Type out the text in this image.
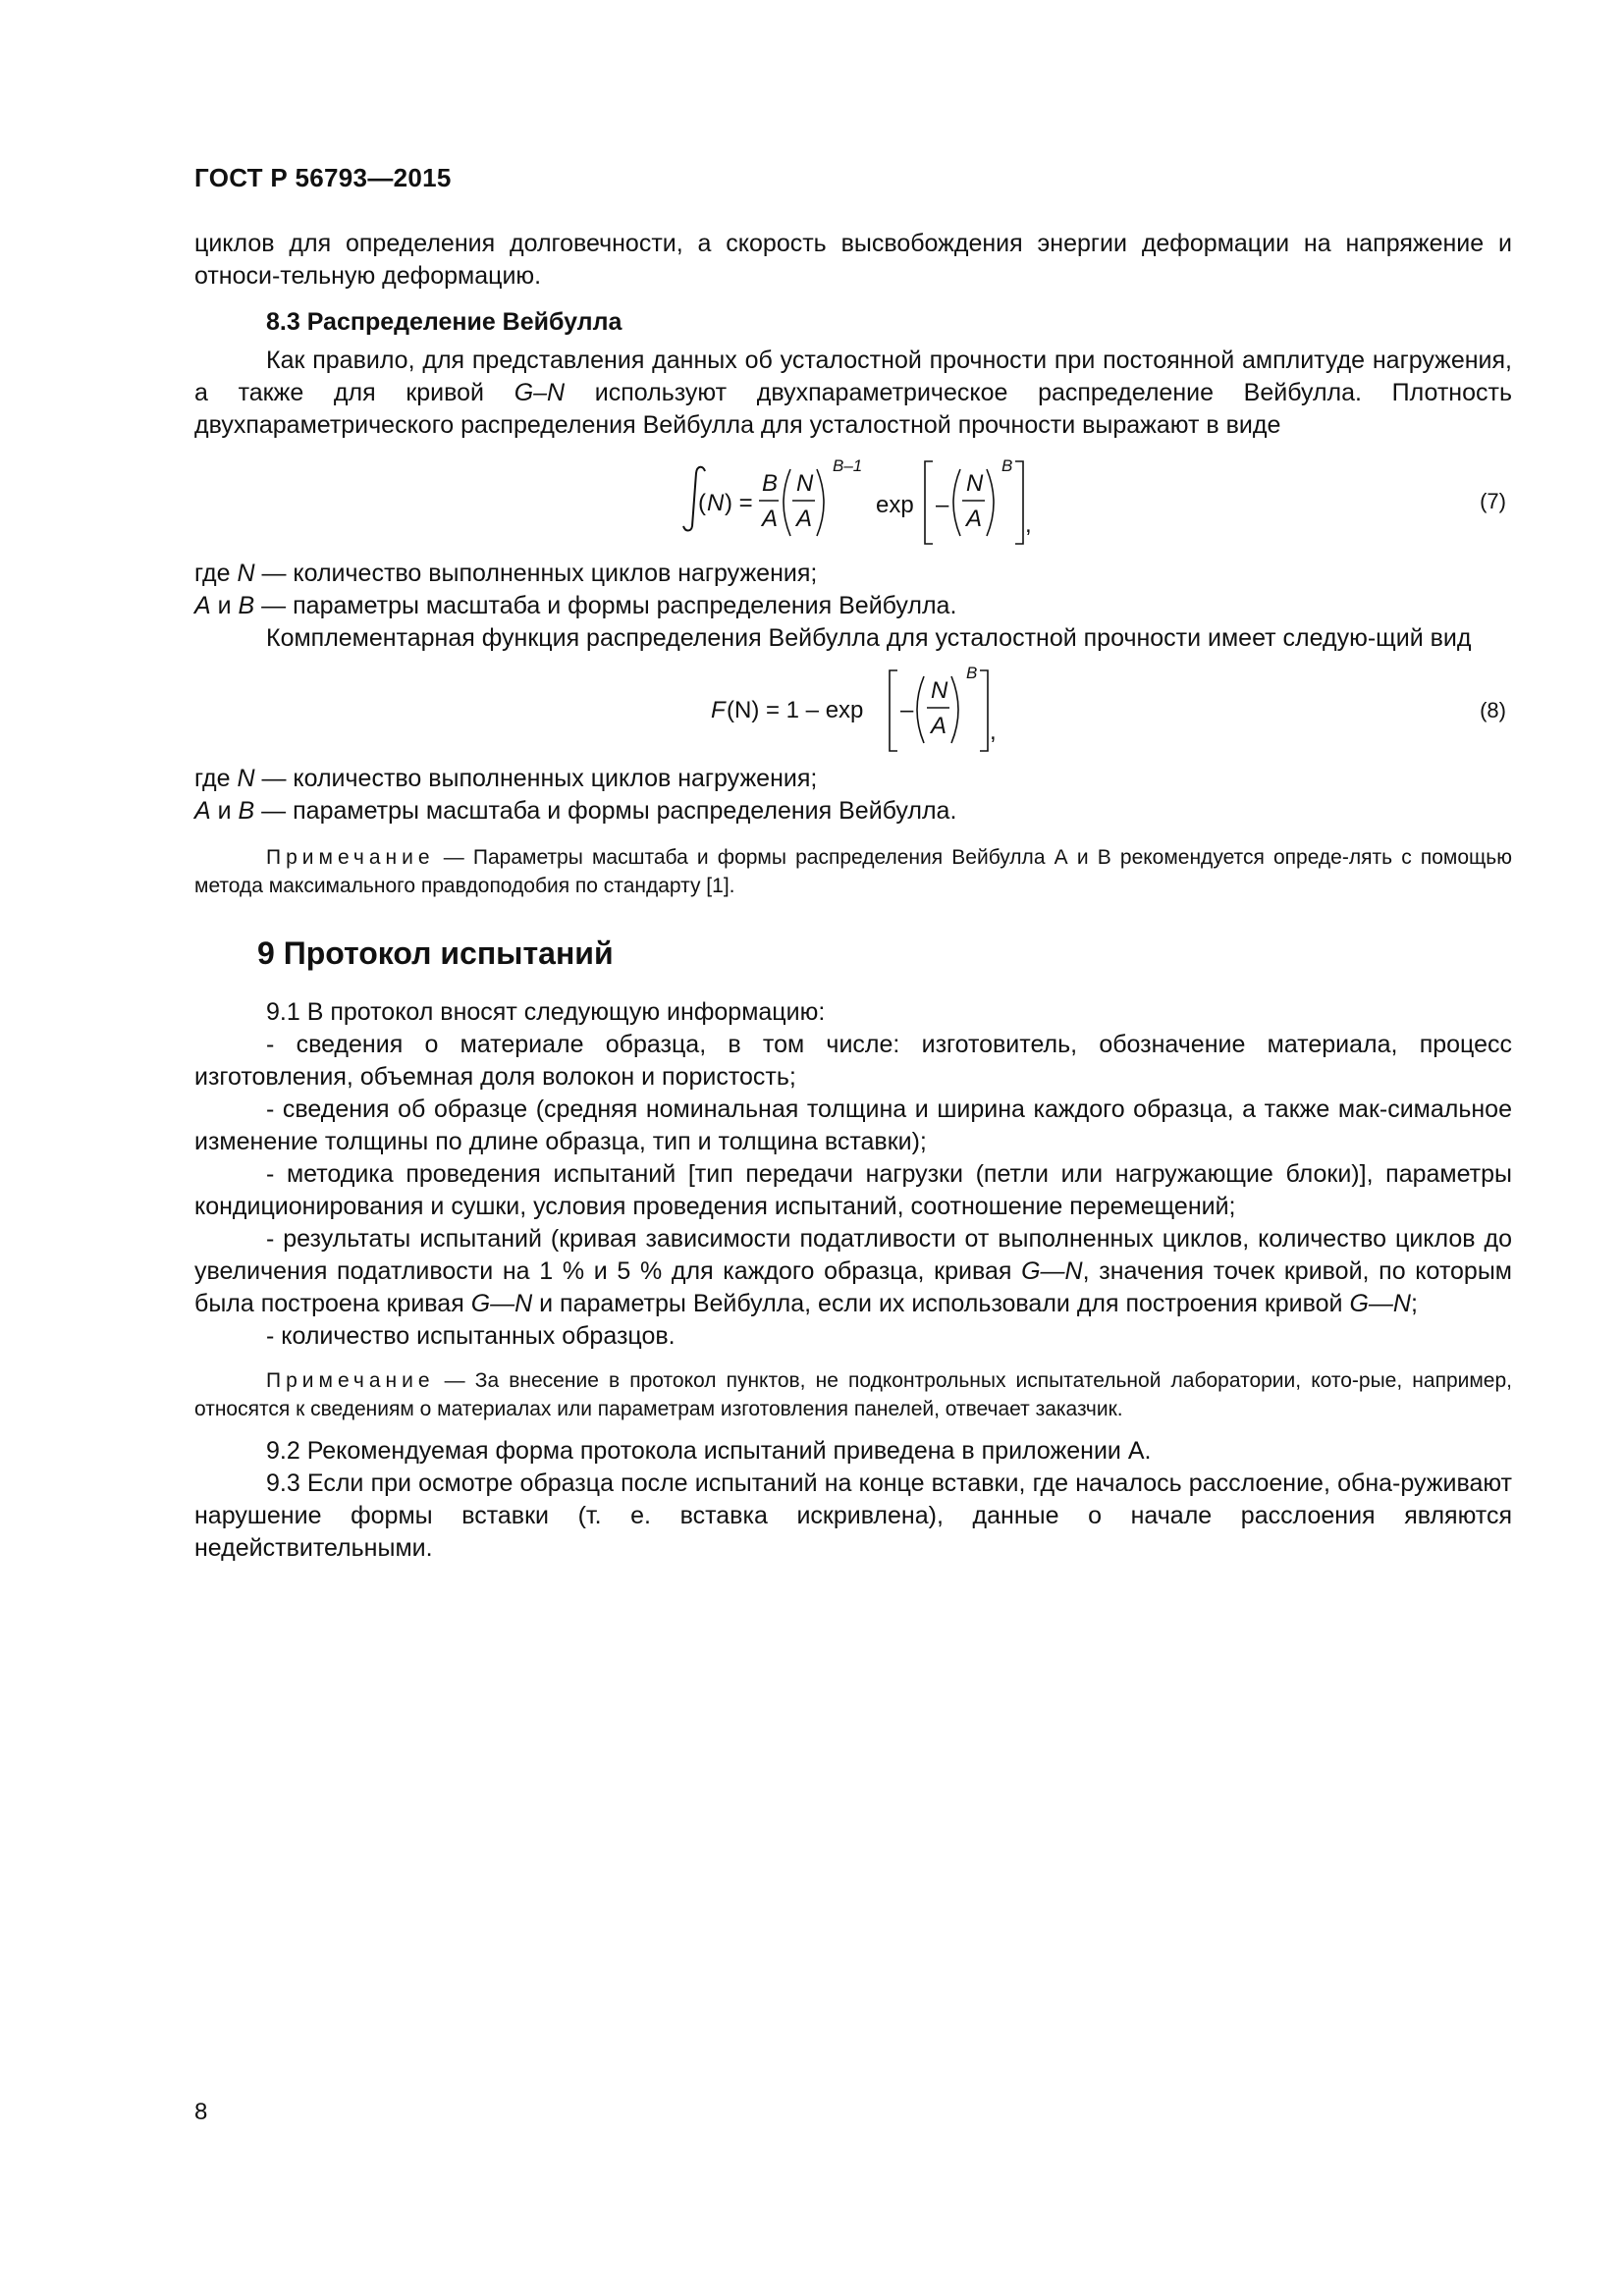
ГОСТ Р 56793—2015

циклов для определения долговечности, а скорость высвобождения энергии деформации на напряжение и относи-тельную деформацию.

8.3 Распределение Вейбулла

Как правило, для представления данных об усталостной прочности при постоянной амплитуде нагружения, а также для кривой G–N используют двухпараметрическое распределение Вейбулла. Плотность двухпараметрического распределения Вейбулла для усталостной прочности выражают в виде

( N ) =
B
A
N
A
B–1
exp –
N
A
B
,
(7)

где N — количество выполненных циклов нагружения;

A и B — параметры масштаба и формы распределения Вейбулла.

Комплементарная функция распределения Вейбулла для усталостной прочности имеет следую-щий вид

F (N) = 1 – exp –
N
A
B
,
(8)

где N — количество выполненных циклов нагружения;

A и B — параметры масштаба и формы распределения Вейбулла.

Примечание — Параметры масштаба и формы распределения Вейбулла А и В рекомендуется опреде-лять с помощью метода максимального правдоподобия по стандарту [1].

9 Протокол испытаний

9.1 В протокол вносят следующую информацию:

- сведения о материале образца, в том числе: изготовитель, обозначение материала, процесс изготовления, объемная доля волокон и пористость;

- сведения об образце (средняя номинальная толщина и ширина каждого образца, а также мак-симальное изменение толщины по длине образца, тип и толщина вставки);

- методика проведения испытаний [тип передачи нагрузки (петли или нагружающие блоки)], параметры кондиционирования и сушки, условия проведения испытаний, соотношение перемещений;

- результаты испытаний (кривая зависимости податливости от выполненных циклов, количество циклов до увеличения податливости на 1 % и 5 % для каждого образца, кривая G—N, значения точек кривой, по которым была построена кривая G—N и параметры Вейбулла, если их использовали для построения кривой G—N;

- количество испытанных образцов.

Примечание — За внесение в протокол пунктов, не подконтрольных испытательной лаборатории, кото-рые, например, относятся к сведениям о материалах или параметрам изготовления панелей, отвечает заказчик.

9.2 Рекомендуемая форма протокола испытаний приведена в приложении А.

9.3 Если при осмотре образца после испытаний на конце вставки, где началось расслоение, обна-руживают нарушение формы вставки (т. е. вставка искривлена), данные о начале расслоения являются недействительными.

8
